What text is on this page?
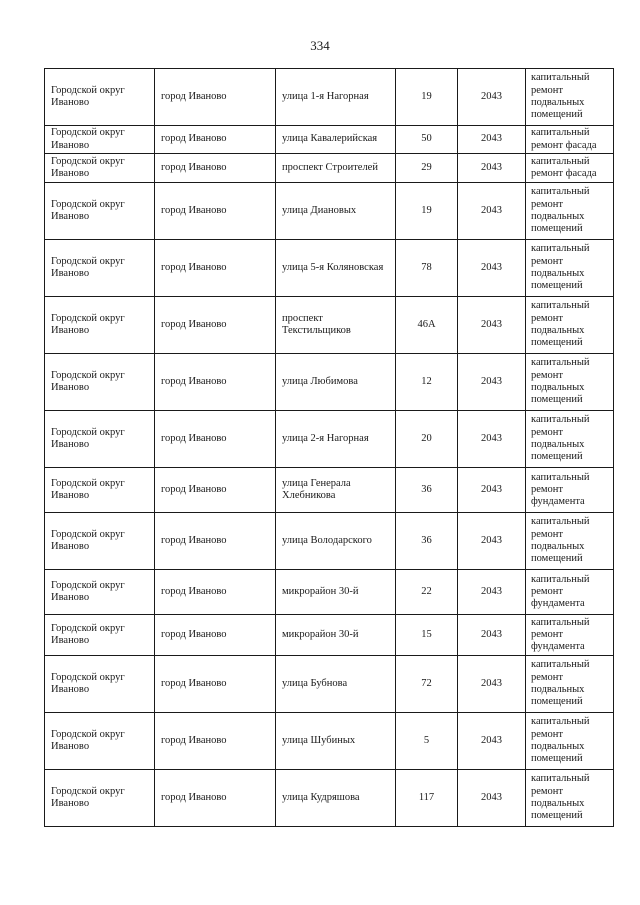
334
Городской округ Иваново	город Иваново	улица 1-я Нагорная	19	2043	капитальный ремонт подвальных помещений
Городской округ Иваново	город Иваново	улица Кавалерийская	50	2043	капитальный ремонт фасада
Городской округ Иваново	город Иваново	проспект Строителей	29	2043	капитальный ремонт фасада
Городской округ Иваново	город Иваново	улица Диановых	19	2043	капитальный ремонт подвальных помещений
Городской округ Иваново	город Иваново	улица 5-я Коляновская	78	2043	капитальный ремонт подвальных помещений
Городской округ Иваново	город Иваново	проспект Текстильщиков	46А	2043	капитальный ремонт подвальных помещений
Городской округ Иваново	город Иваново	улица Любимова	12	2043	капитальный ремонт подвальных помещений
Городской округ Иваново	город Иваново	улица 2-я Нагорная	20	2043	капитальный ремонт подвальных помещений
Городской округ Иваново	город Иваново	улица Генерала Хлебникова	36	2043	капитальный ремонт фундамента
Городской округ Иваново	город Иваново	улица Володарского	36	2043	капитальный ремонт подвальных помещений
Городской округ Иваново	город Иваново	микрорайон 30-й	22	2043	капитальный ремонт фундамента
Городской округ Иваново	город Иваново	микрорайон 30-й	15	2043	капитальный ремонт фундамента
Городской округ Иваново	город Иваново	улица Бубнова	72	2043	капитальный ремонт подвальных помещений
Городской округ Иваново	город Иваново	улица Шубиных	5	2043	капитальный ремонт подвальных помещений
Городской округ Иваново	город Иваново	улица Кудряшова	117	2043	капитальный ремонт подвальных помещений
